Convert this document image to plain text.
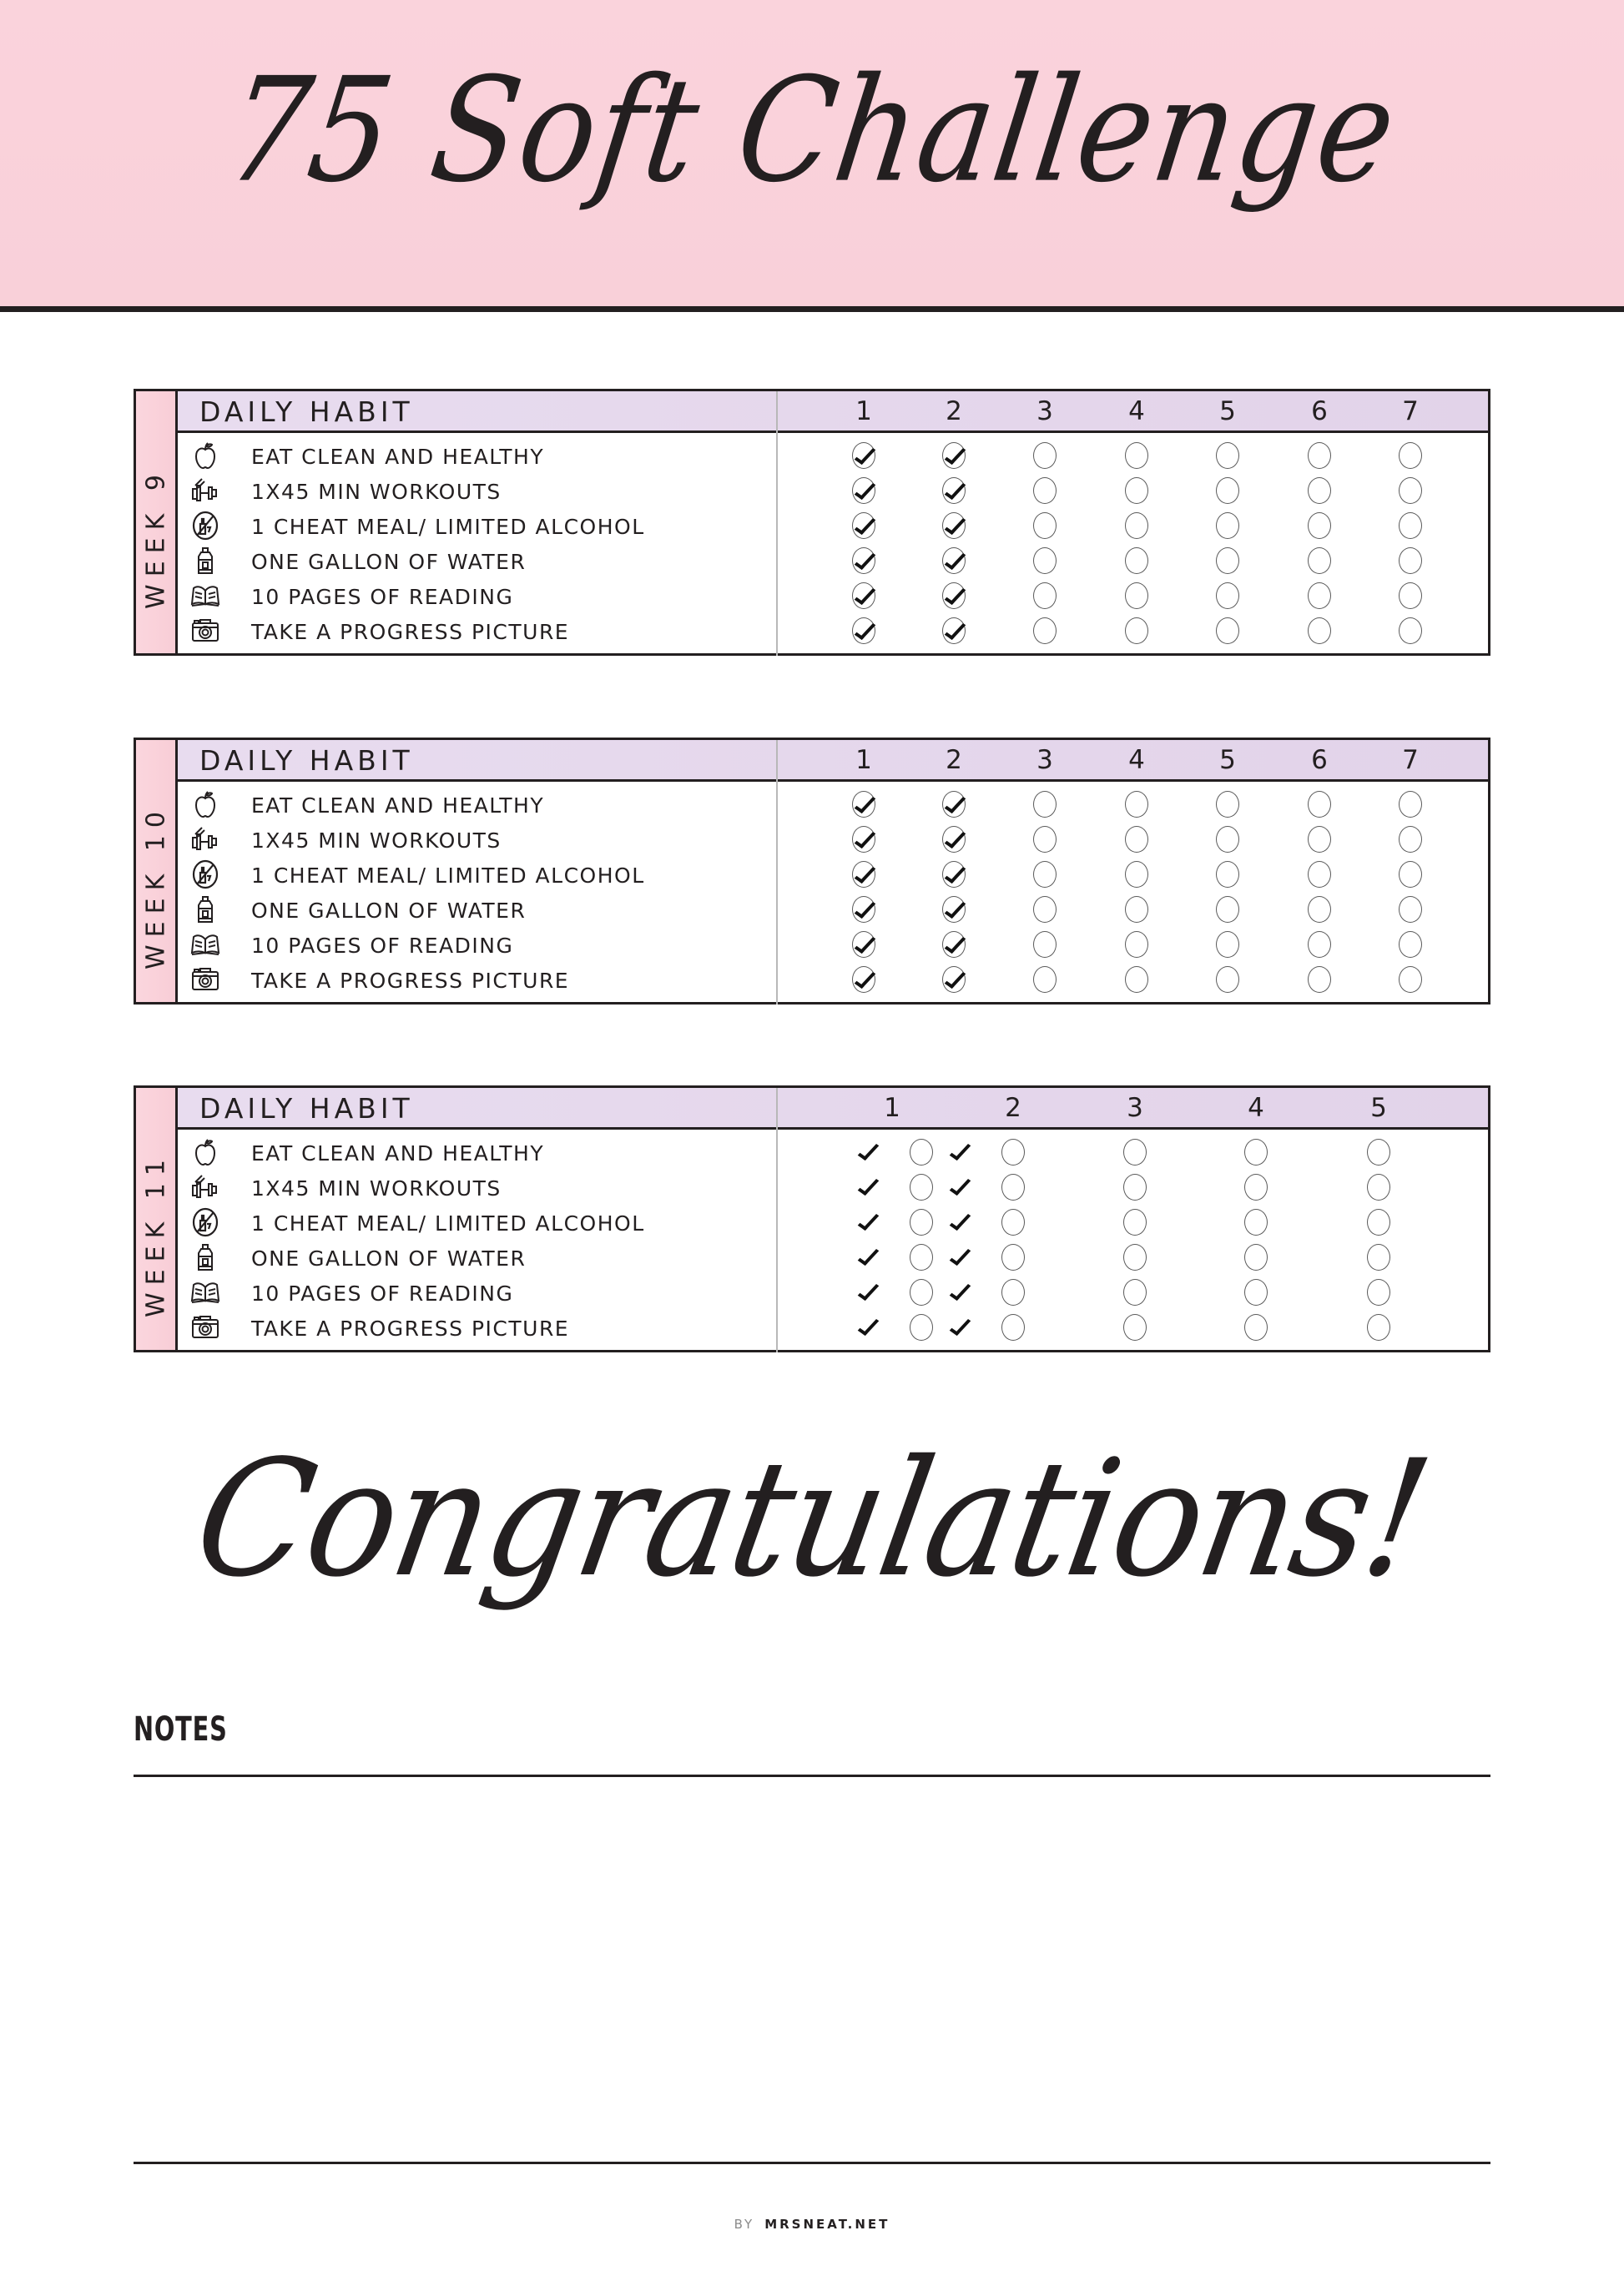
75 Soft Challenge
WEEK 9
DAILY HABIT	1	2	3	4	5	6	7
EAT CLEAN AND HEALTHY
1X45 MIN WORKOUTS
1 CHEAT MEAL/ LIMITED ALCOHOL
ONE GALLON OF WATER
10 PAGES OF READING
TAKE A PROGRESS PICTURE
WEEK 10
DAILY HABIT	1	2	3	4	5	6	7
EAT CLEAN AND HEALTHY
1X45 MIN WORKOUTS
1 CHEAT MEAL/ LIMITED ALCOHOL
ONE GALLON OF WATER
10 PAGES OF READING
TAKE A PROGRESS PICTURE
WEEK 11
DAILY HABIT	1	2	3	4	5
EAT CLEAN AND HEALTHY
1X45 MIN WORKOUTS
1 CHEAT MEAL/ LIMITED ALCOHOL
ONE GALLON OF WATER
10 PAGES OF READING
TAKE A PROGRESS PICTURE
Congratulations!
NOTES
BY MRSNEAT.NET
